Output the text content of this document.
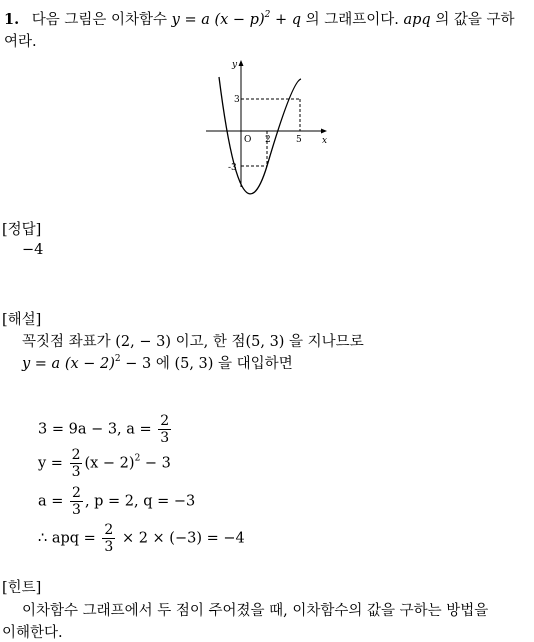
1. 다음 그림은 이차함수 y = a $(x - p)^2 + q$ 의 그래프이다. apq 의 값을 구하
여라.
y
x
O 2	5
3
-3
[정답]
−4
[해설]
꼭짓점 좌표가 (2, − 3) 이고, 한 점(5, 3) 을 지나므로
y = a $(x - 2)^2 - 3$ 에 (5, 3) 을 대입하면
3 = 9a − 3, $a = \frac{2}{3}$
$y = \frac{2}{3} (x - 2)^2 - 3$
$a = \frac{2}{3}$ , p = 2, q = −3
∴ apq = $\frac{2}{3} \times 2 \times (-3) = -4$
[힌트]
이차함수 그래프에서 두 점이 주어졌을 때, 이차함수의 값을 구하는 방법을
이해한다.
